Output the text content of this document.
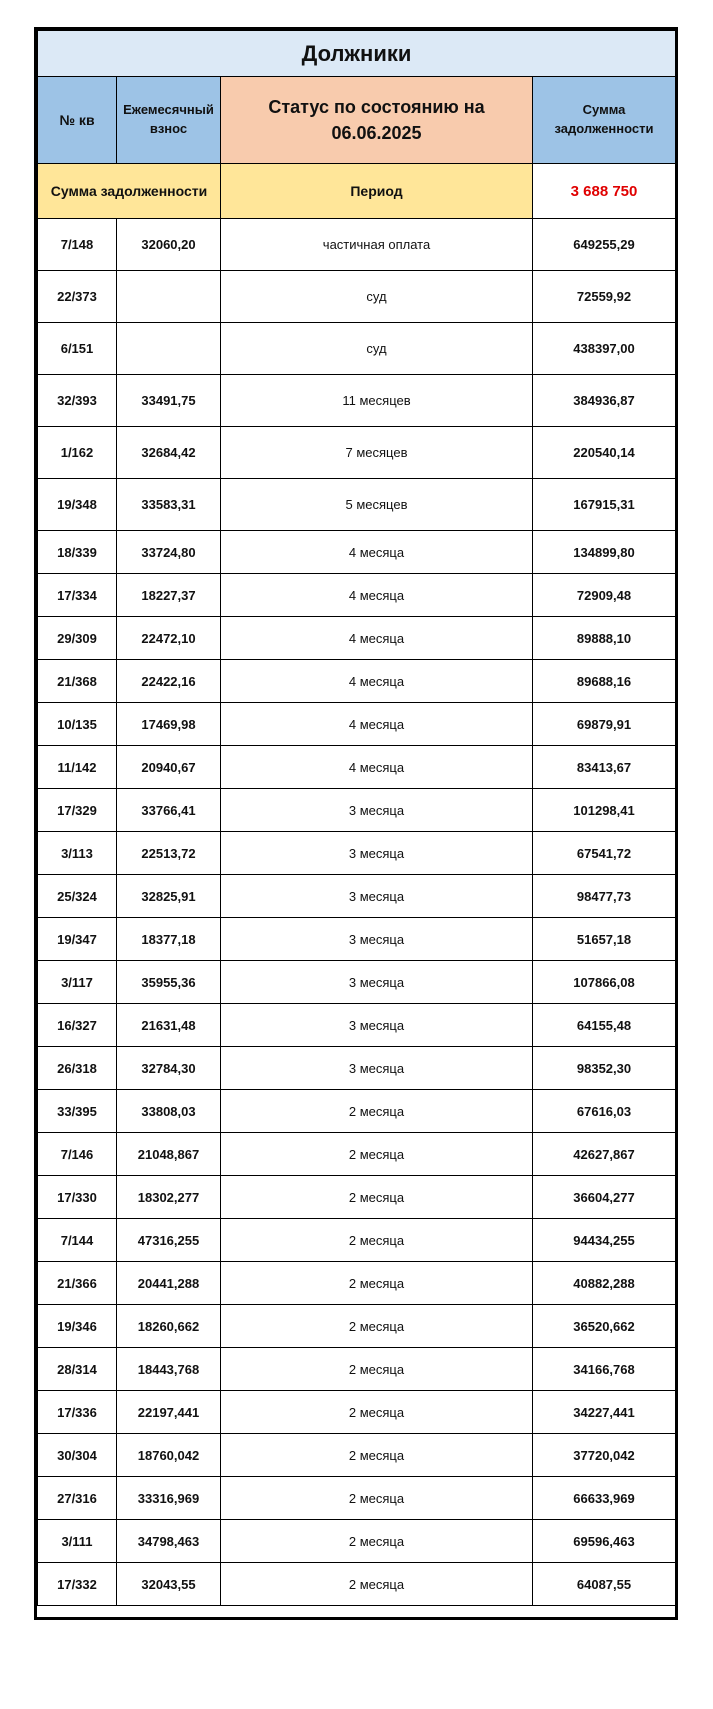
Должники			
№ кв	Ежемесячный взнос	Статус по состоянию на 06.06.2025	Сумма задолженности
Сумма задолженности		Период	3 688 750
7/148	32060,20	частичная оплата	649255,29
22/373		суд	72559,92
6/151		суд	438397,00
32/393	33491,75	11 месяцев	384936,87
1/162	32684,42	7 месяцев	220540,14
19/348	33583,31	5 месяцев	167915,31
18/339	33724,80	4 месяца	134899,80
17/334	18227,37	4 месяца	72909,48
29/309	22472,10	4 месяца	89888,10
21/368	22422,16	4 месяца	89688,16
10/135	17469,98	4 месяца	69879,91
11/142	20940,67	4 месяца	83413,67
17/329	33766,41	3 месяца	101298,41
3/113	22513,72	3 месяца	67541,72
25/324	32825,91	3 месяца	98477,73
19/347	18377,18	3 месяца	51657,18
3/117	35955,36	3 месяца	107866,08
16/327	21631,48	3 месяца	64155,48
26/318	32784,30	3 месяца	98352,30
33/395	33808,03	2 месяца	67616,03
7/146	21048,867	2 месяца	42627,867
17/330	18302,277	2 месяца	36604,277
7/144	47316,255	2 месяца	94434,255
21/366	20441,288	2 месяца	40882,288
19/346	18260,662	2 месяца	36520,662
28/314	18443,768	2 месяца	34166,768
17/336	22197,441	2 месяца	34227,441
30/304	18760,042	2 месяца	37720,042
27/316	33316,969	2 месяца	66633,969
3/111	34798,463	2 месяца	69596,463
17/332	32043,55	2 месяца	64087,55
